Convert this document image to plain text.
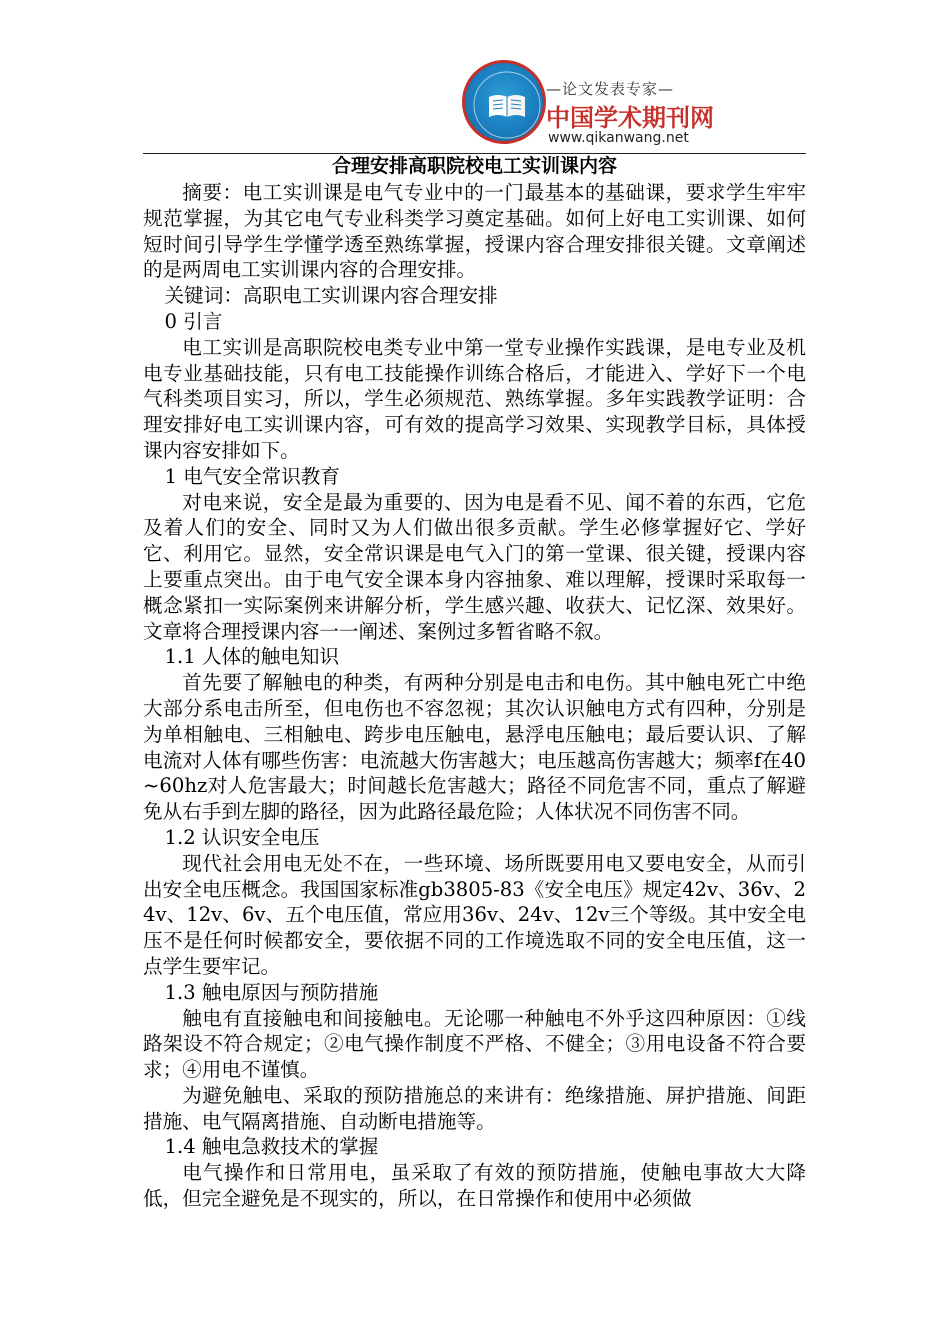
—论文发表专家—
中国学术期刊网
www.qikanwang.net
合理安排高职院校电工实训课内容

摘要：电工实训课是电气专业中的一门最基本的基础课，要求学生牢牢规范掌握，为其它电气专业科类学习奠定基础。如何上好电工实训课、如何短时间引导学生学懂学透至熟练掌握，授课内容合理安排很关键。文章阐述的是两周电工实训课内容的合理安排。

关键词：高职电工实训课内容合理安排

0 引言

电工实训是高职院校电类专业中第一堂专业操作实践课，是电专业及机电专业基础技能，只有电工技能操作训练合格后，才能进入、学好下一个电气科类项目实习，所以，学生必须规范、熟练掌握。多年实践教学证明：合理安排好电工实训课内容，可有效的提高学习效果、实现教学目标，具体授课内容安排如下。

1 电气安全常识教育

对电来说，安全是最为重要的、因为电是看不见、闻不着的东西，它危及着人们的安全、同时又为人们做出很多贡献。学生必修掌握好它、学好它、利用它。显然，安全常识课是电气入门的第一堂课、很关键，授课内容上要重点突出。由于电气安全课本身内容抽象、难以理解，授课时采取每一概念紧扣一实际案例来讲解分析，学生感兴趣、收获大、记忆深、效果好。文章将合理授课内容一一阐述、案例过多暂省略不叙。

1.1 人体的触电知识

首先要了解触电的种类，有两种分别是电击和电伤。其中触电死亡中绝大部分系电击所至，但电伤也不容忽视；其次认识触电方式有四种，分别是为单相触电、三相触电、跨步电压触电，悬浮电压触电；最后要认识、了解电流对人体有哪些伤害：电流越大伤害越大；电压越高伤害越大；频率f在40~60hz对人危害最大；时间越长危害越大；路径不同危害不同，重点了解避免从右手到左脚的路径，因为此路径最危险；人体状况不同伤害不同。

1.2 认识安全电压

现代社会用电无处不在，一些环境、场所既要用电又要电安全，从而引出安全电压概念。我国国家标准gb3805-83《安全电压》规定42v、36v、24v、12v、6v、五个电压值，常应用36v、24v、12v三个等级。其中安全电压不是任何时候都安全，要依据不同的工作境选取不同的安全电压值，这一点学生要牢记。

1.3 触电原因与预防措施

触电有直接触电和间接触电。无论哪一种触电不外乎这四种原因：①线路架设不符合规定；②电气操作制度不严格、不健全；③用电设备不符合要求；④用电不谨慎。

为避免触电、采取的预防措施总的来讲有：绝缘措施、屏护措施、间距措施、电气隔离措施、自动断电措施等。

1.4 触电急救技术的掌握

电气操作和日常用电，虽采取了有效的预防措施，使触电事故大大降低，但完全避免是不现实的，所以，在日常操作和使用中必须做
